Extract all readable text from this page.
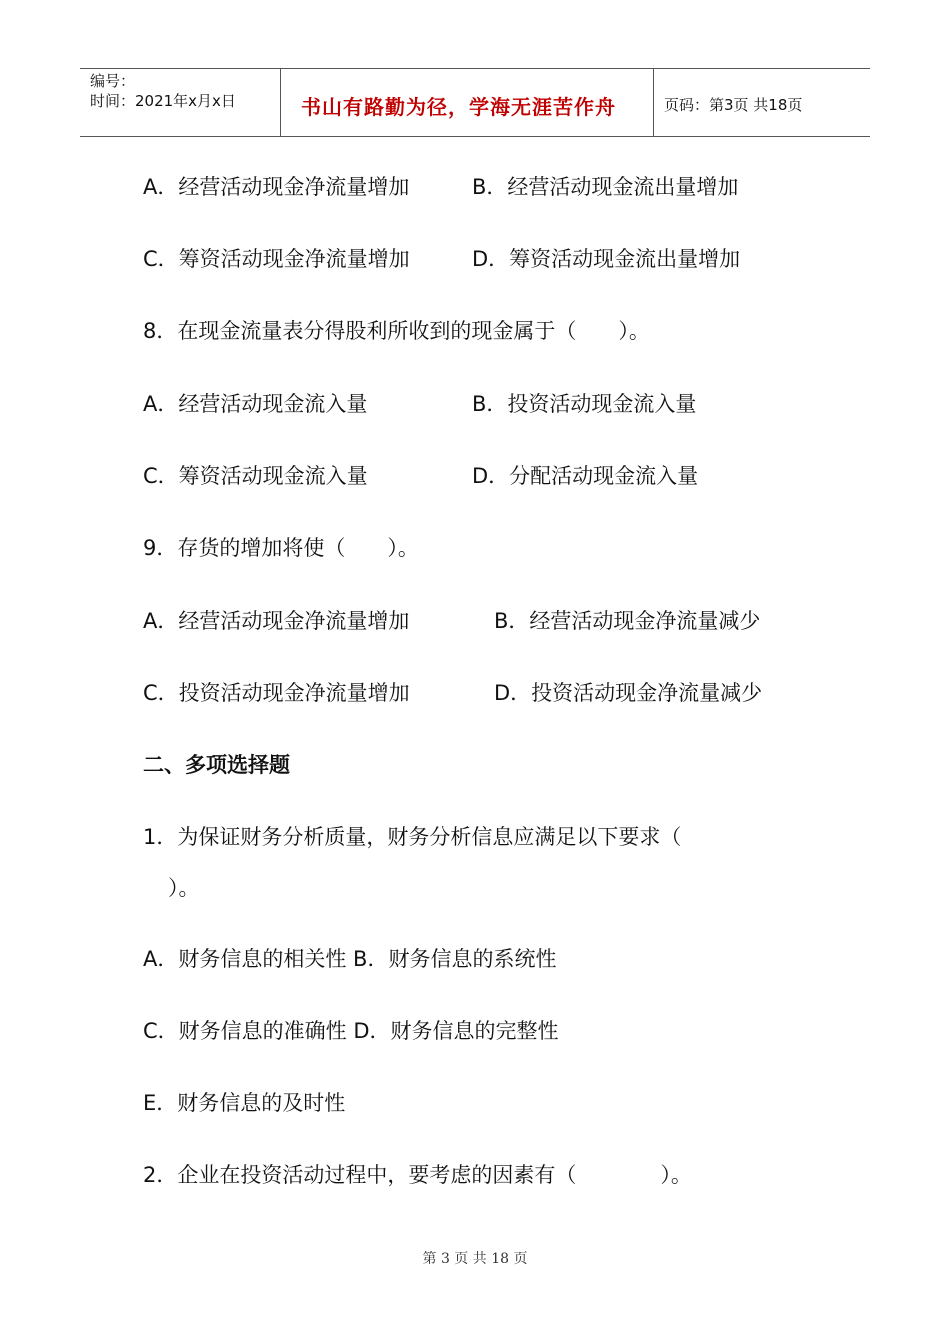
编号：
时间：2021年x月x日	书山有路勤为径，学海无涯苦作舟	页码：第3页 共18页
A．经营活动现金净流量增加	B．经营活动现金流出量增加
C．筹资活动现金净流量增加	D．筹资活动现金流出量增加
8．在现金流量表分得股利所收到的现金属于（　　）。
A．经营活动现金流入量	B．投资活动现金流入量
C．筹资活动现金流入量	D．分配活动现金流入量
9．存货的增加将使（　　）。
A．经营活动现金净流量增加	B．经营活动现金净流量减少
C．投资活动现金净流量增加	D．投资活动现金净流量减少
二、多项选择题
1．为保证财务分析质量，财务分析信息应满足以下要求（
）。
A．财务信息的相关性 B．财务信息的系统性
C．财务信息的准确性 D．财务信息的完整性
E．财务信息的及时性
2．企业在投资活动过程中，要考虑的因素有（　　　　）。
第 3 页 共 18 页
